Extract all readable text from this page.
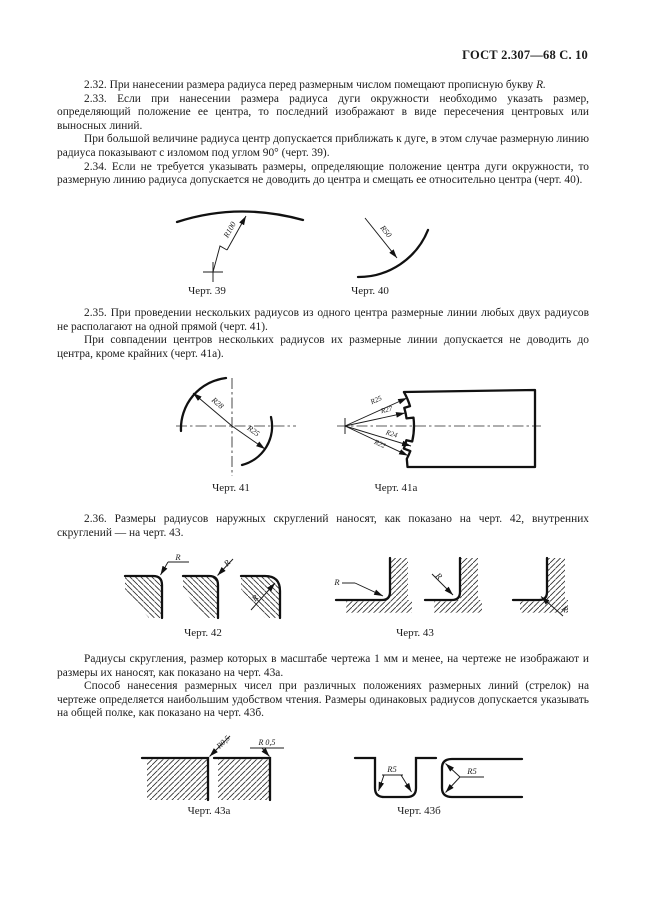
ГОСТ 2.307—68 С. 10

2.32. При нанесении размера радиуса перед размерным числом помещают прописную букву R.

2.33. Если при нанесении размера радиуса дуги окружности необходимо указать размер, определяющий положение ее центра, то последний изображают в виде пересечения центровых или выносных линий.

При большой величине радиуса центр допускается приближать к дуге, в этом случае размерную линию радиуса показывают с изломом под углом 90° (черт. 39).

2.34. Если не требуется указывать размеры, определяющие положение центра дуги окружности, то размерную линию радиуса допускается не доводить до центра и смещать ее относительно центра (черт. 40).

R100
Черт. 39
R50
Черт. 40

2.35. При проведении нескольких радиусов из одного центра размерные линии любых двух радиусов не располагают на одной прямой (черт. 41).

При совпадении центров нескольких радиусов их размерные линии допускается не доводить до центра, кроме крайних (черт. 41а).

R28
R25
Черт. 41
R25
R27
R24
R22
Черт. 41а

2.36. Размеры радиусов наружных скруглений наносят, как показано на черт. 42, внутренних скруглений — на черт. 43.

R
R
R
Черт. 42
R
R
R
Черт. 43

Радиусы скругления, размер которых в масштабе чертежа 1 мм и менее, на чертеже не изображают и размеры их наносят, как показано на черт. 43а.

Способ нанесения размерных чисел при различных положениях размерных линий (стрелок) на чертеже определяется наибольшим удобством чтения. Размеры одинаковых радиусов допускается указывать на общей полке, как показано на черт. 43б.

R0,5	R 0,5
Черт. 43а
R5	R5
Черт. 43б
